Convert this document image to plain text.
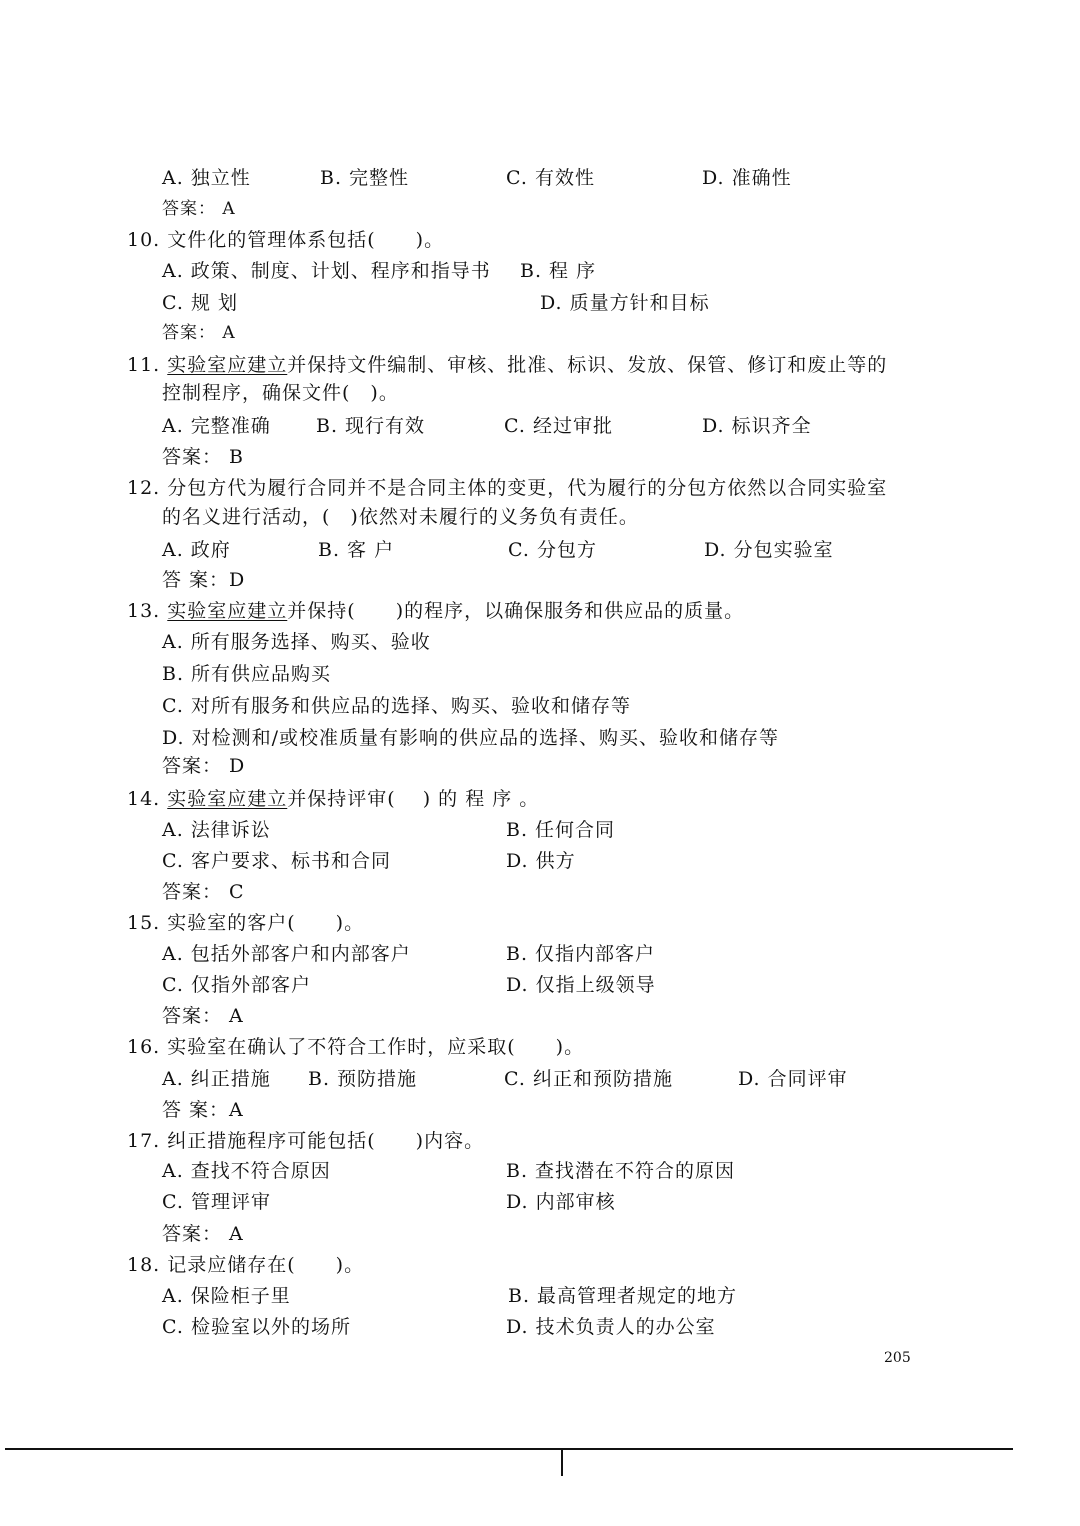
A. 独立性	B. 完整性	C. 有效性	D. 准确性
答案： A
10. 文件化的管理体系包括(　　)。
A. 政策、制度、计划、程序和指导书 B. 程 序
C. 规 划	D. 质量方针和目标
答案： A
11. 实验室应建立并保持文件编制、审核、批准、标识、发放、保管、修订和废止等的
控制程序，确保文件(　)。
A. 完整准确 B. 现行有效	C. 经过审批	D. 标识齐全
答案： B
12. 分包方代为履行合同并不是合同主体的变更，代为履行的分包方依然以合同实验室
的名义进行活动，(　)依然对未履行的义务负有责任。
A. 政府	B. 客 户	C. 分包方	D. 分包实验室
答 案：D
13. 实验室应建立并保持(　　)的程序，以确保服务和供应品的质量。
A. 所有服务选择、购买、验收
B. 所有供应品购买
C. 对所有服务和供应品的选择、购买、验收和储存等
D. 对检测和/或校准质量有影响的供应品的选择、购买、验收和储存等
答案： D
14. 实验室应建立并保持评审(　 ) 的 程 序 。
A. 法律诉讼	B. 任何合同
C. 客户要求、标书和合同	D. 供方
答案： C
15. 实验室的客户(　　)。
A. 包括外部客户和内部客户	B. 仅指内部客户
C. 仅指外部客户	D. 仅指上级领导
答案： A
16. 实验室在确认了不符合工作时，应采取(　　)。
A. 纠正措施 B. 预防措施	C. 纠正和预防措施	D. 合同评审
答 案：A
17. 纠正措施程序可能包括(　　)内容。
A. 查找不符合原因	B. 查找潜在不符合的原因
C. 管理评审	D. 内部审核
答案： A
18. 记录应储存在(　　)。
A. 保险柜子里	B. 最高管理者规定的地方
C. 检验室以外的场所	D. 技术负责人的办公室
205
